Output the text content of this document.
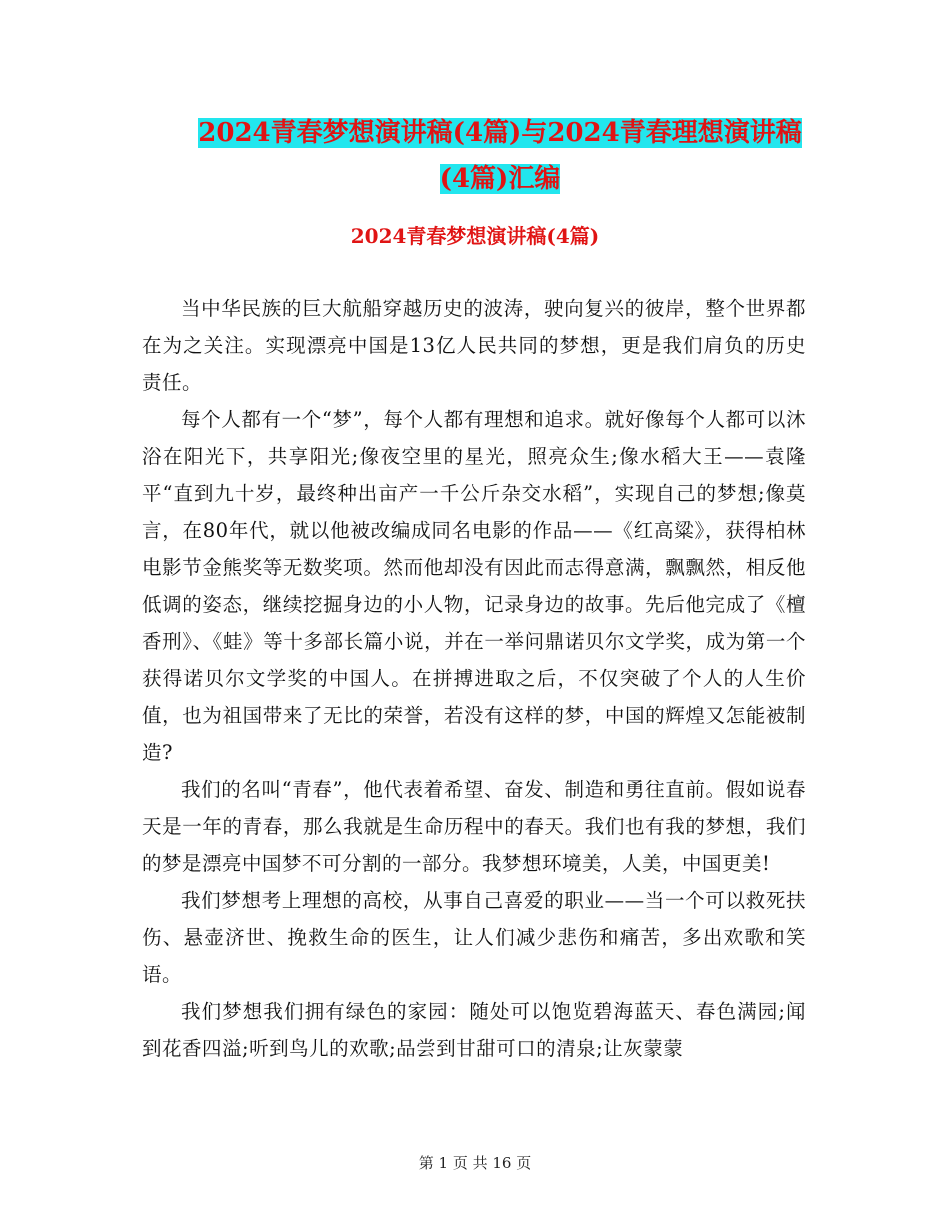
2024青春梦想演讲稿(4篇)与2024青春理想演讲稿(4篇)汇编
2024青春梦想演讲稿(4篇)

当中华民族的巨大航船穿越历史的波涛，驶向复兴的彼岸，整个世界都在为之关注。实现漂亮中国是13亿人民共同的梦想，更是我们肩负的历史责任。

每个人都有一个“梦”，每个人都有理想和追求。就好像每个人都可以沐浴在阳光下，共享阳光;像夜空里的星光，照亮众生;像水稻大王——袁隆平“直到九十岁，最终种出亩产一千公斤杂交水稻”，实现自己的梦想;像莫言，在80年代，就以他被改编成同名电影的作品——《红高粱》，获得柏林电影节金熊奖等无数奖项。然而他却没有因此而志得意满，飘飘然，相反他低调的姿态，继续挖掘身边的小人物，记录身边的故事。先后他完成了《檀香刑》、《蛙》等十多部长篇小说，并在一举问鼎诺贝尔文学奖，成为第一个获得诺贝尔文学奖的中国人。在拼搏进取之后，不仅突破了个人的人生价值，也为祖国带来了无比的荣誉，若没有这样的梦，中国的辉煌又怎能被制造?

我们的名叫“青春”，他代表着希望、奋发、制造和勇往直前。假如说春天是一年的青春，那么我就是生命历程中的春天。我们也有我的梦想，我们的梦是漂亮中国梦不可分割的一部分。我梦想环境美，人美，中国更美!

我们梦想考上理想的高校，从事自己喜爱的职业——当一个可以救死扶伤、悬壶济世、挽救生命的医生，让人们减少悲伤和痛苦，多出欢歌和笑语。

我们梦想我们拥有绿色的家园：随处可以饱览碧海蓝天、春色满园;闻到花香四溢;听到鸟儿的欢歌;品尝到甘甜可口的清泉;让灰蒙蒙

第 1 页 共 16 页
